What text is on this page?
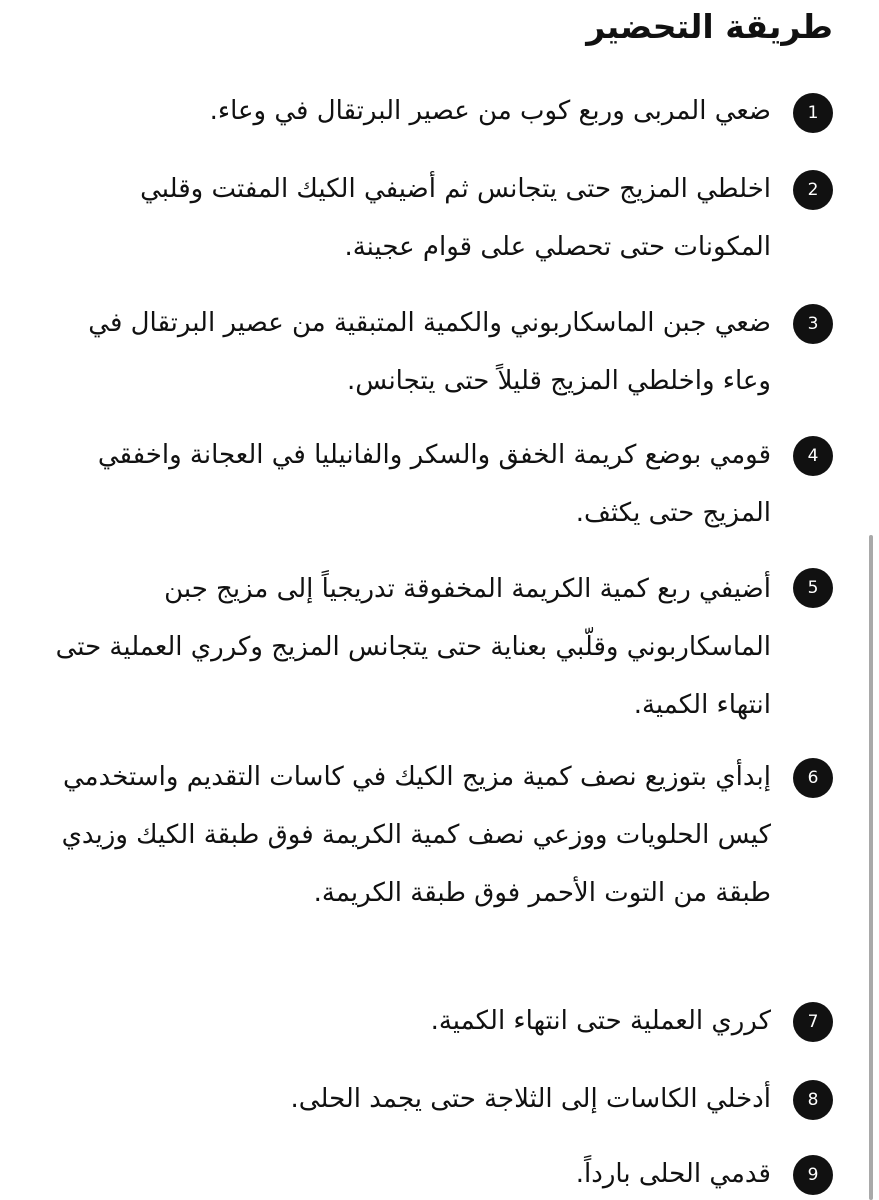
طريقة التحضير
1

ضعي المربى وربع كوب من عصير البرتقال في وعاء.

2

اخلطي المزيج حتى يتجانس ثم أضيفي الكيك المفتت وقلبي المكونات حتى تحصلي على قوام عجينة.

3

ضعي جبن الماسكاربوني والكمية المتبقية من عصير البرتقال في وعاء واخلطي المزيج قليلاً حتى يتجانس.

4

قومي بوضع كريمة الخفق والسكر والفانيليا في العجانة واخفقي المزيج حتى يكثف.

5

أضيفي ربع كمية الكريمة المخفوقة تدريجياً إلى مزيج جبن الماسكاربوني وقلّبي بعناية حتى يتجانس المزيج وكرري العملية حتى انتهاء الكمية.

6

إبدأي بتوزيع نصف كمية مزيج الكيك في كاسات التقديم واستخدمي كيس الحلويات ووزعي نصف كمية الكريمة فوق طبقة الكيك وزيدي طبقة من التوت الأحمر فوق طبقة الكريمة.

7

كرري العملية حتى انتهاء الكمية.

8

أدخلي الكاسات إلى الثلاجة حتى يجمد الحلى.

9

قدمي الحلى بارداً.
